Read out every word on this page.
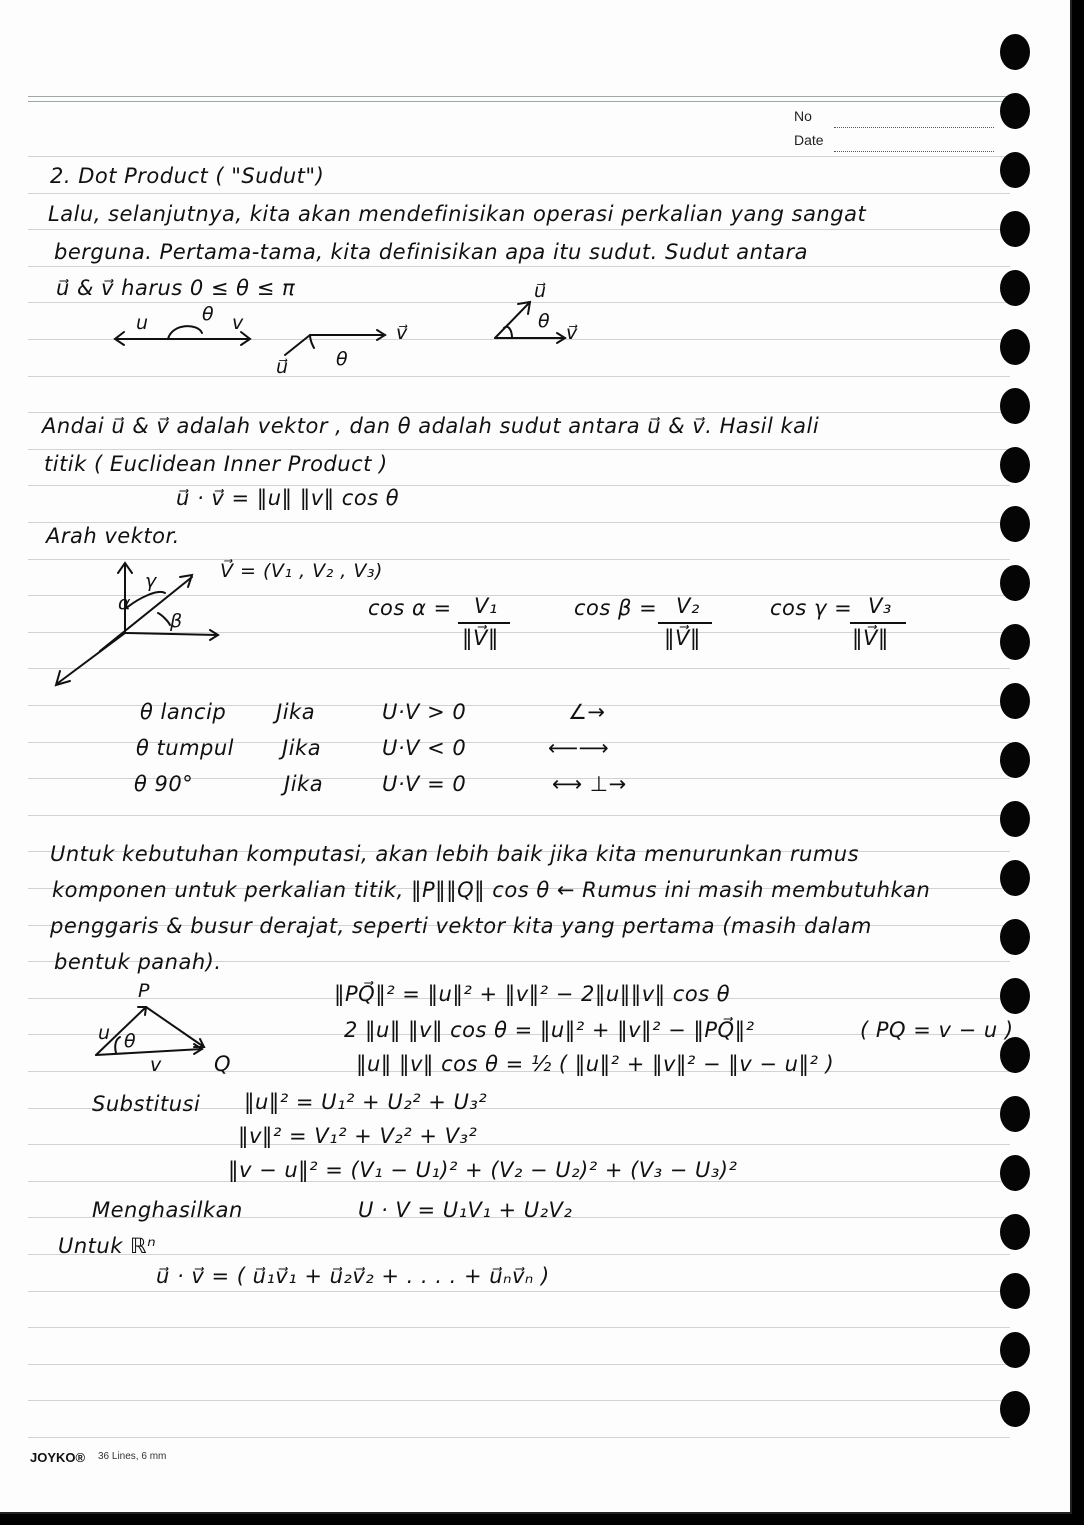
No
Date
2. Dot Product ( "Sudut")
Lalu, selanjutnya, kita akan mendefinisikan operasi perkalian yang sangat
berguna. Pertama-tama, kita definisikan apa itu sudut. Sudut antara
u⃗ & v⃗ harus 0 ≤ θ ≤ π
u	θ v	v⃗
u⃗ θ
u⃗
θ
v⃗
Andai u⃗ & v⃗ adalah vektor , dan θ adalah sudut antara u⃗ & v⃗. Hasil kali
titik ( Euclidean Inner Product )
u⃗ · v⃗ = ‖u‖ ‖v‖ cos θ
Arah vektor.
V⃗ = (V₁ , V₂ , V₃)
α
γ
β
cos α = V₁
‖V⃗‖
cos β = V₂
‖V⃗‖
cos γ = V₃
‖V⃗‖
θ lancip Jika	U·V > 0	∠→
θ tumpul Jika	U·V < 0	⟵⟶
θ 90°	Jika	U·V = 0	⟷ ⊥→
Untuk kebutuhan komputasi, akan lebih baik jika kita menurunkan rumus
komponen untuk perkalian titik, ‖P‖‖Q‖ cos θ ← Rumus ini masih membutuhkan
penggaris & busur derajat, seperti vektor kita yang pertama (masih dalam
bentuk panah).
P
u θ
v Q
‖PQ⃗‖² = ‖u‖² + ‖v‖² − 2‖u‖‖v‖ cos θ
2 ‖u‖ ‖v‖ cos θ = ‖u‖² + ‖v‖² − ‖PQ⃗‖²	( PQ = v − u )
‖u‖ ‖v‖ cos θ = ½ ( ‖u‖² + ‖v‖² − ‖v − u‖² )
Substitusi ‖u‖² = U₁² + U₂² + U₃²
‖v‖² = V₁² + V₂² + V₃²
‖v − u‖² = (V₁ − U₁)² + (V₂ − U₂)² + (V₃ − U₃)²
Menghasilkan	U · V = U₁V₁ + U₂V₂
Untuk ℝⁿ
u⃗ · v⃗ = ( u⃗₁v⃗₁ + u⃗₂v⃗₂ + . . . . + u⃗ₙv⃗ₙ )
JOYKO® 36 Lines, 6 mm
